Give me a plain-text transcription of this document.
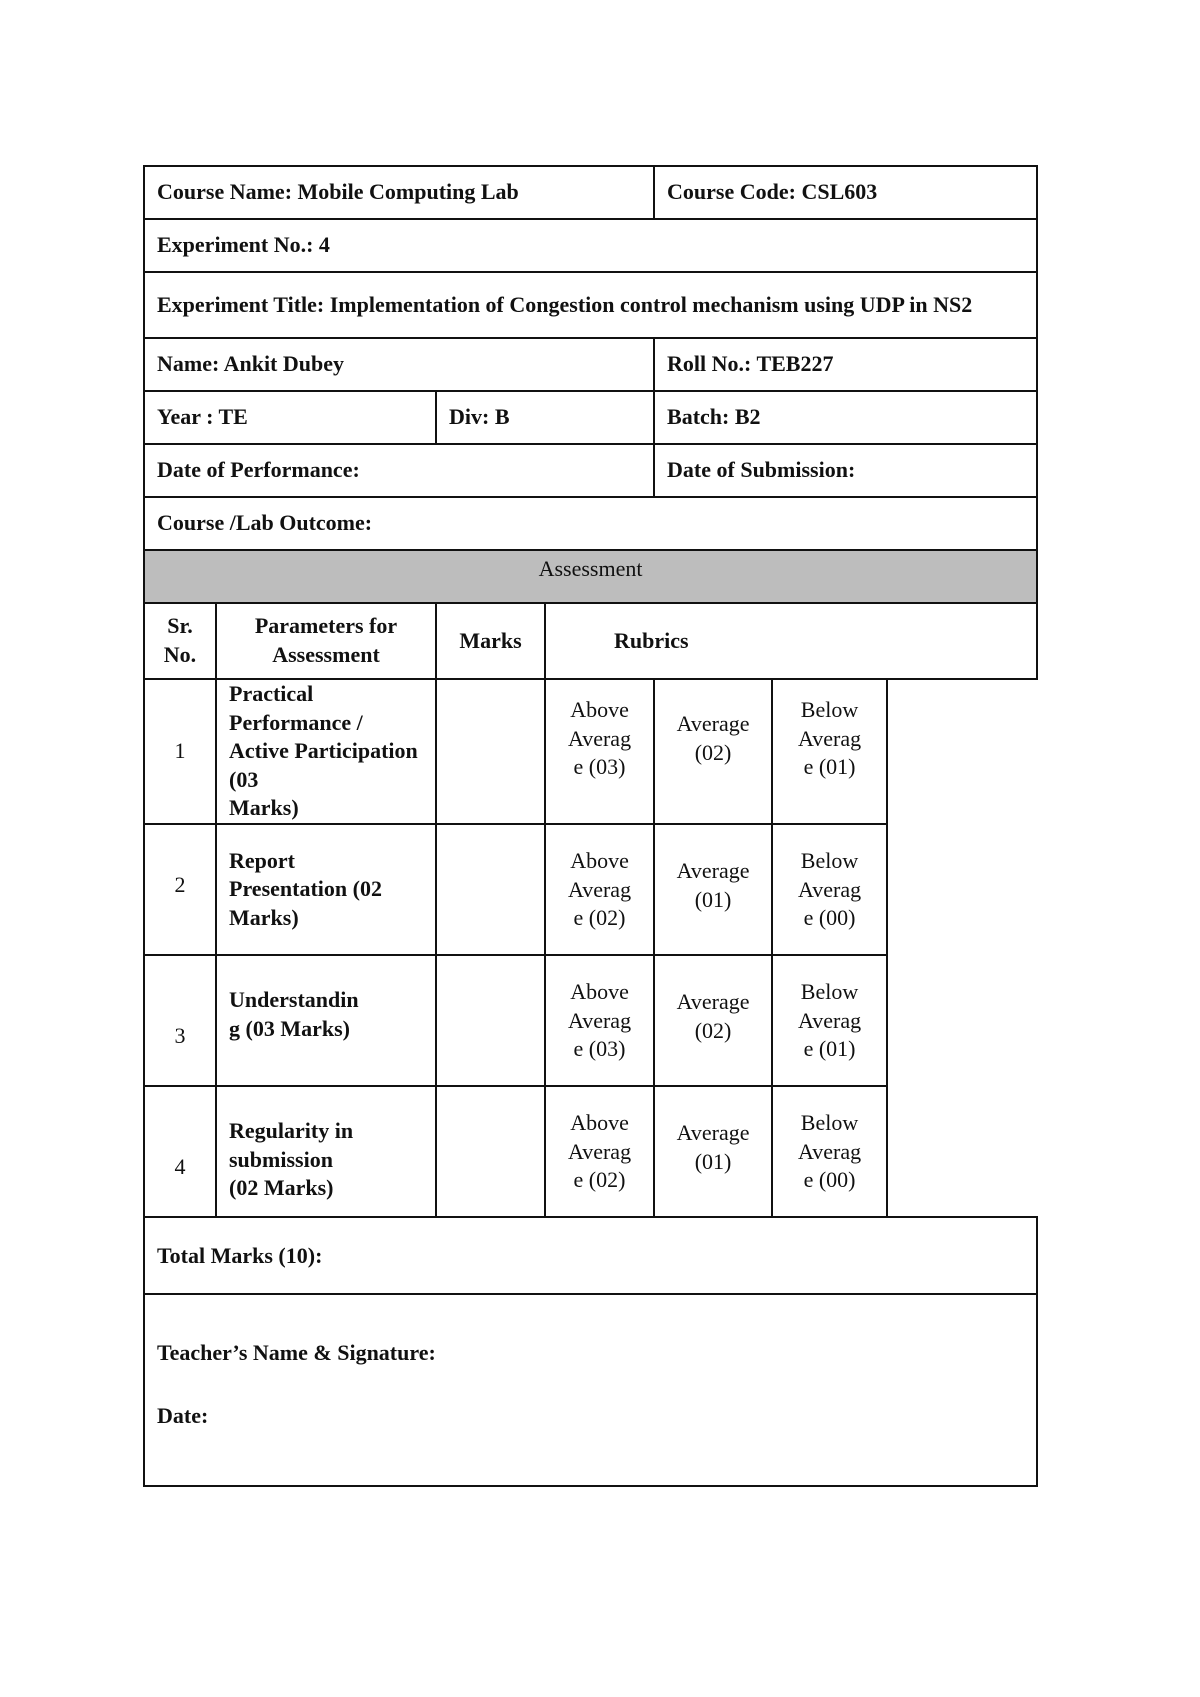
Course Name: Mobile Computing Lab				Course Code: CSL603	
Experiment No.: 4					
Experiment Title: Implementation of Congestion control mechanism using UDP in NS2					
Name: Ankit Dubey				Roll No.: TEB227	
Year : TE		Div: B		Batch: B2	
Date of Performance:				Date of Submission:	
Course /Lab Outcome:					
Assessment					

Sr.
No.	Parameters for Assessment	Marks	Rubrics		
1	Practical Performance /
Active Participation (03
Marks)		Above
Averag
e (03)	Average
(02)	Below
Averag
e (01)

2	Report
Presentation (02
Marks)		Above
Averag
e (02)	Average
(01)	Below
Averag
e (00)

3	Understandin
g (03 Marks)		Above
Averag
e (03)	Average
(02)	Below
Averag
e (01)

4	Regularity in submission
(02 Marks)		Above
Averag
e (02)	Average
(01)	Below
Averag
e (00)

Total Marks (10):					

Teacher’s Name & Signature:
Date:					
